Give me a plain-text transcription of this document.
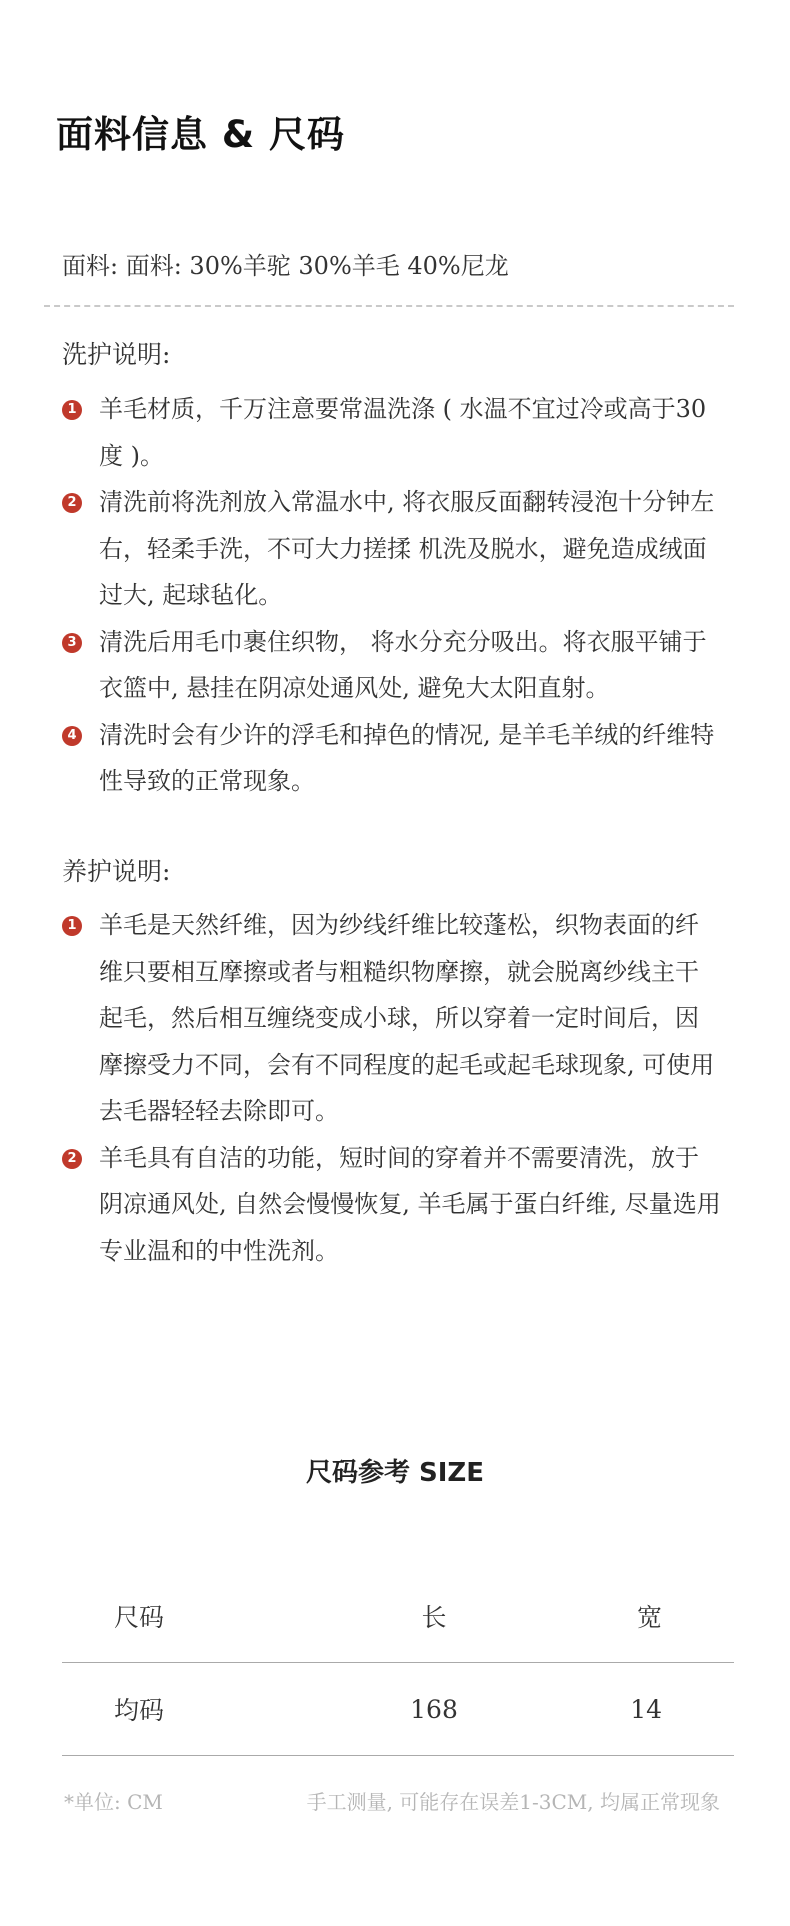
面料信息 & 尺码
面料: 面料: 30%羊驼 30%羊毛 40%尼龙
洗护说明:
1 羊毛材质，千万注意要常温洗涤 ( 水温不宜过冷或高于30 度 )。
2 清洗前将洗剂放入常温水中, 将衣服反面翻转浸泡十分钟左右，轻柔手洗，不可大力搓揉 机洗及脱水，避免造成绒面过大, 起球毡化。
3 清洗后用毛巾裹住织物， 将水分充分吸出。将衣服平铺于衣篮中, 悬挂在阴凉处通风处, 避免大太阳直射。
4 清洗时会有少许的浮毛和掉色的情况, 是羊毛羊绒的纤维特性导致的正常现象。
养护说明:
1 羊毛是天然纤维，因为纱线纤维比较蓬松，织物表面的纤维只要相互摩擦或者与粗糙织物摩擦，就会脱离纱线主干起毛，然后相互缠绕变成小球，所以穿着一定时间后，因摩擦受力不同，会有不同程度的起毛或起毛球现象, 可使用去毛器轻轻去除即可。
2 羊毛具有自洁的功能，短时间的穿着并不需要清洗，放于阴凉通风处, 自然会慢慢恢复, 羊毛属于蛋白纤维, 尽量选用专业温和的中性洗剂。
尺码参考 SIZE
尺码	长	宽
均码	168	14
*单位: CM	手工测量, 可能存在误差1-3CM, 均属正常现象
